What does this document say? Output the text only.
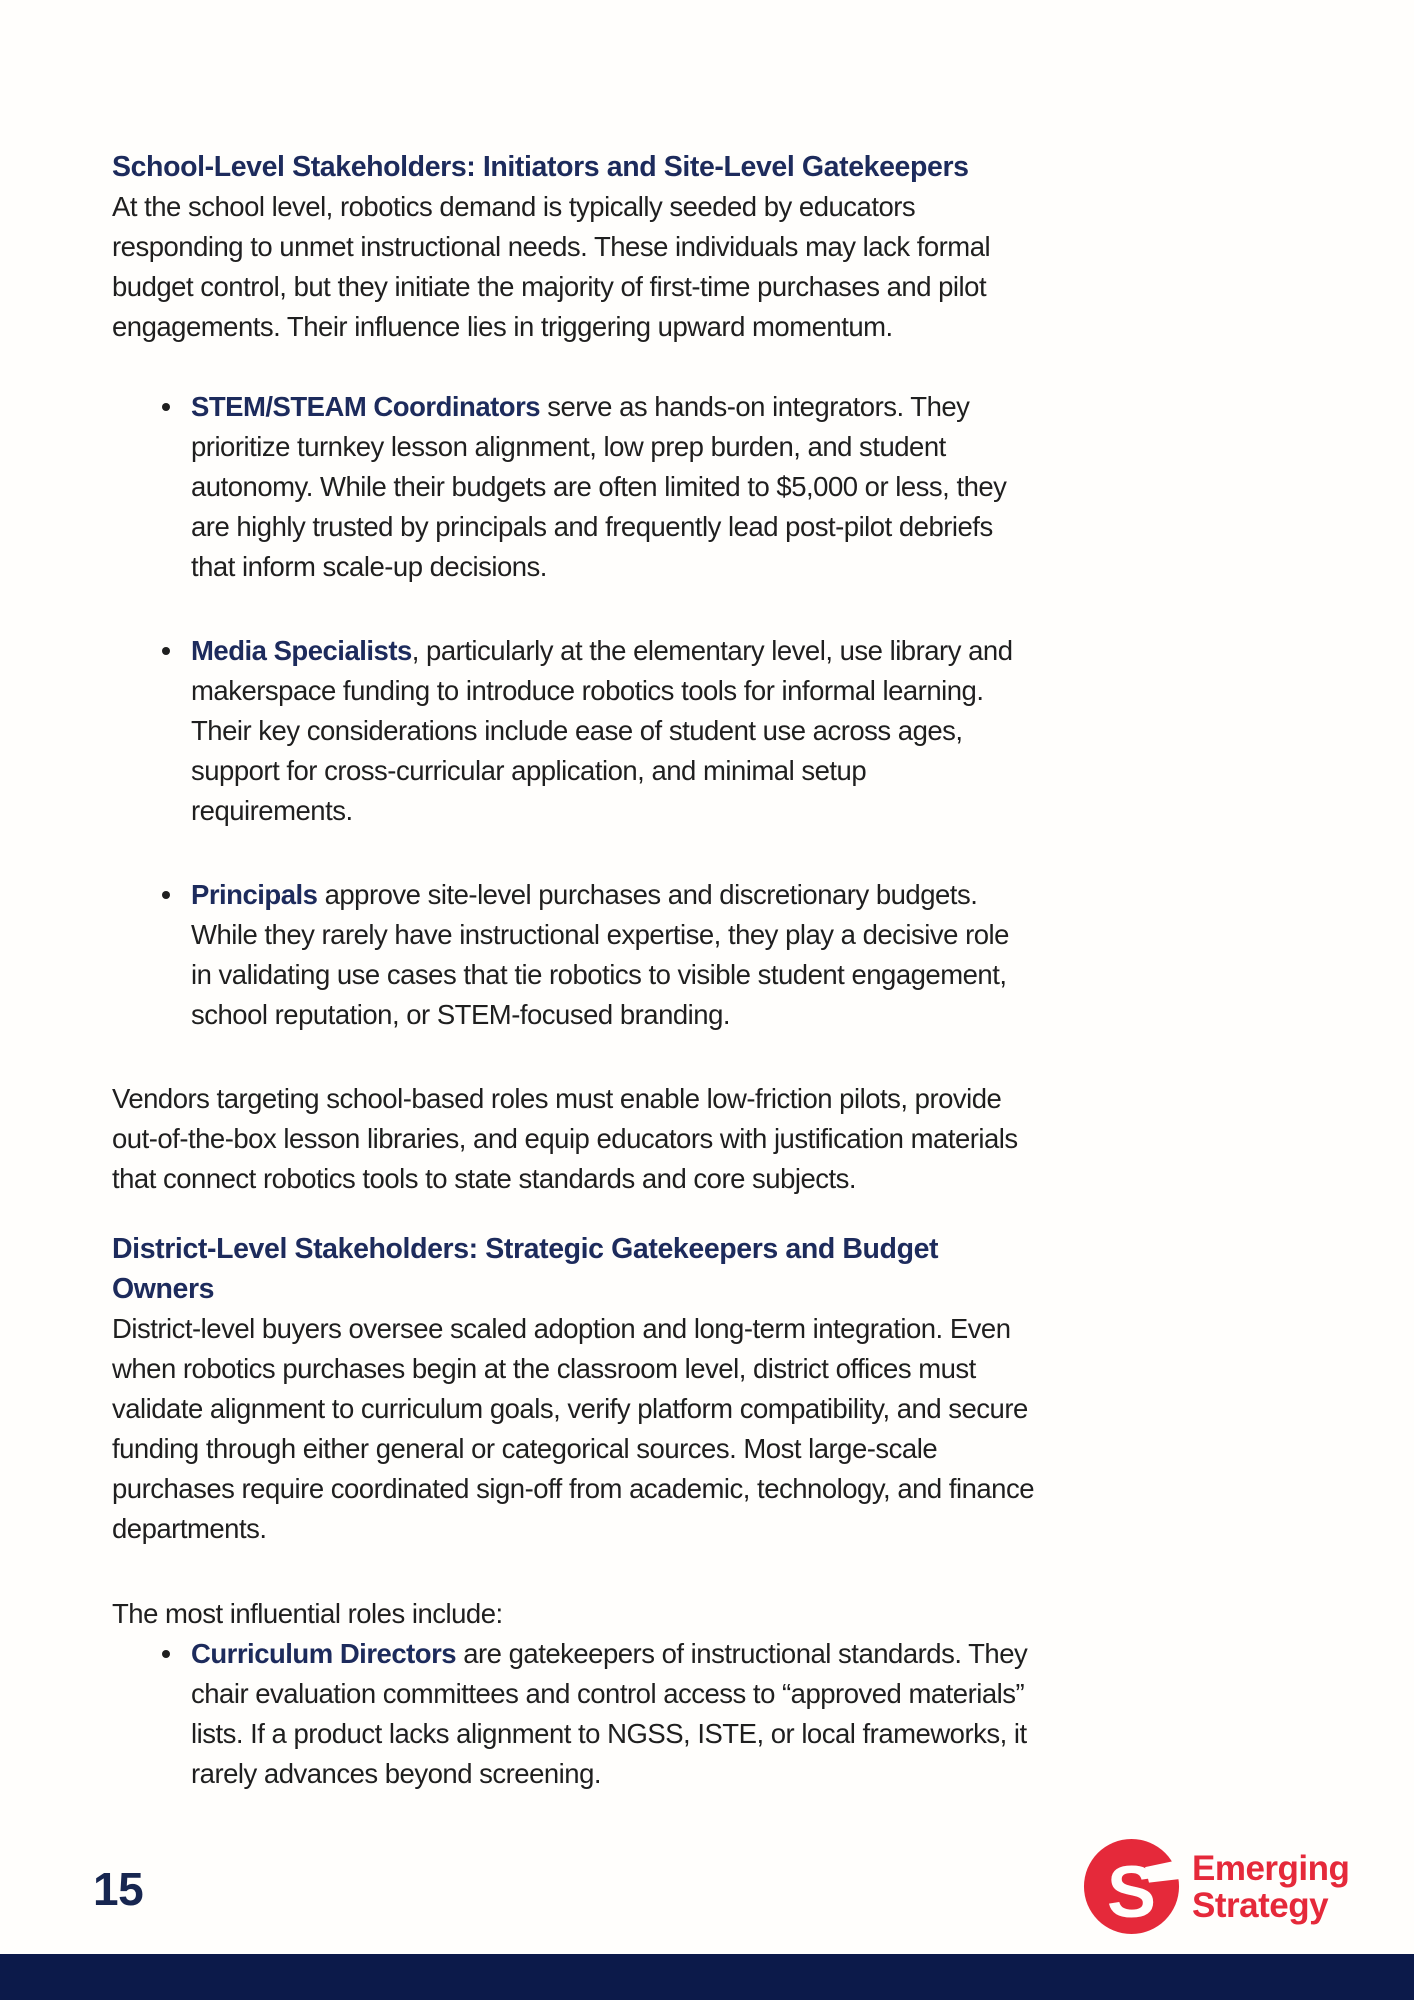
School-Level Stakeholders: Initiators and Site-Level Gatekeepers

At the school level, robotics demand is typically seeded by educators responding to unmet instructional needs. These individuals may lack formal budget control, but they initiate the majority of first-time purchases and pilot engagements. Their influence lies in triggering upward momentum.

STEM/STEAM Coordinators serve as hands-on integrators. They prioritize turnkey lesson alignment, low prep burden, and student autonomy. While their budgets are often limited to $5,000 or less, they are highly trusted by principals and frequently lead post-pilot debriefs that inform scale-up decisions.
Media Specialists, particularly at the elementary level, use library and makerspace funding to introduce robotics tools for informal learning. Their key considerations include ease of student use across ages, support for cross-curricular application, and minimal setup requirements.
Principals approve site-level purchases and discretionary budgets. While they rarely have instructional expertise, they play a decisive role in validating use cases that tie robotics to visible student engagement, school reputation, or STEM-focused branding.

Vendors targeting school-based roles must enable low-friction pilots, provide out-of-the-box lesson libraries, and equip educators with justification materials that connect robotics tools to state standards and core subjects.

District-Level Stakeholders: Strategic Gatekeepers and Budget Owners

District-level buyers oversee scaled adoption and long-term integration. Even when robotics purchases begin at the classroom level, district offices must validate alignment to curriculum goals, verify platform compatibility, and secure funding through either general or categorical sources. Most large-scale purchases require coordinated sign-off from academic, technology, and finance departments.

The most influential roles include:

Curriculum Directors are gatekeepers of instructional standards. They chair evaluation committees and control access to “approved materials” lists. If a product lacks alignment to NGSS, ISTE, or local frameworks, it rarely advances beyond screening.
15	S Emerging
Strategy
